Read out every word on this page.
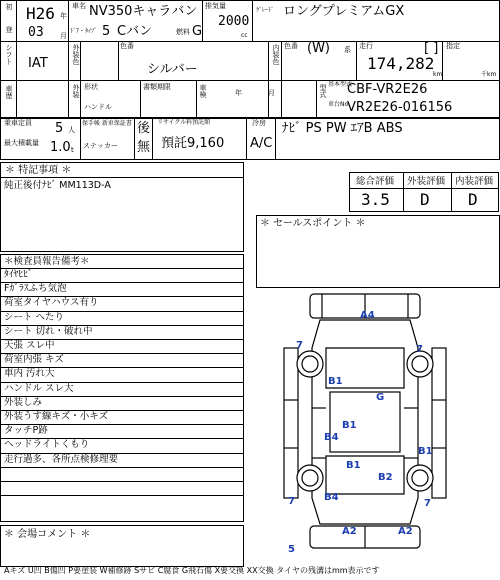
初
登
H26 年
03 月
車名 NV350キャラバン
ﾄﾞｱ・ﾀｲﾌﾟ 5 Cバン
排気量
2000
cc
燃料 G
ｸﾞﾚｰﾄﾞ ロングプレミアムGX
シフト IAT	外装色	色番
シルバー
内装色 色番 (W) 系 走行	[ ]
174,282
km
指定
千km
車歴	外装 形状
ハンドル
書類期限	車検	年	月	型式 基本型式
CBF-VR2E26
車台No.
VR2E26-016156
乗車定員 5 人
最大積載量 1.0 t
保手帳 新車保証書
ステッカー
後
無
リサイクル料預託額
預託9,160
冷房
A/C
ﾅﾋﾞ PS PW ｴｱB ABS
＊ 特記事項 ＊
純正後付ﾅﾋﾞ MM113D-A	総合評価
3.5
外装評価
D
内装評価
D
＊ セールスポイント ＊
＊検査員報告備考＊
ﾀｲﾔﾋﾋﾞ
Fｶﾞﾗｽふち気泡
荷室タイヤハウス有り
シート へたり
シート 切れ・破れ中
天張 スレ中
荷室内張 キズ
車内 汚れ大
ハンドル スレ大
外装しみ
外装うす線キズ・小キズ
タッチP跡
ヘッドライトくもり
走行過多、各所点検修理要
＊ 会場コメント ＊
A4
B1
B1
G
B4
B1
B1
B2
B4
A2	A2
7	7
7	7
5
Aキズ U凹 B傷凹 P要塗装 W補修跡 Sサビ C腐食 G飛石傷 X要交換 XX交換 タイヤの残溝はmm表示です
